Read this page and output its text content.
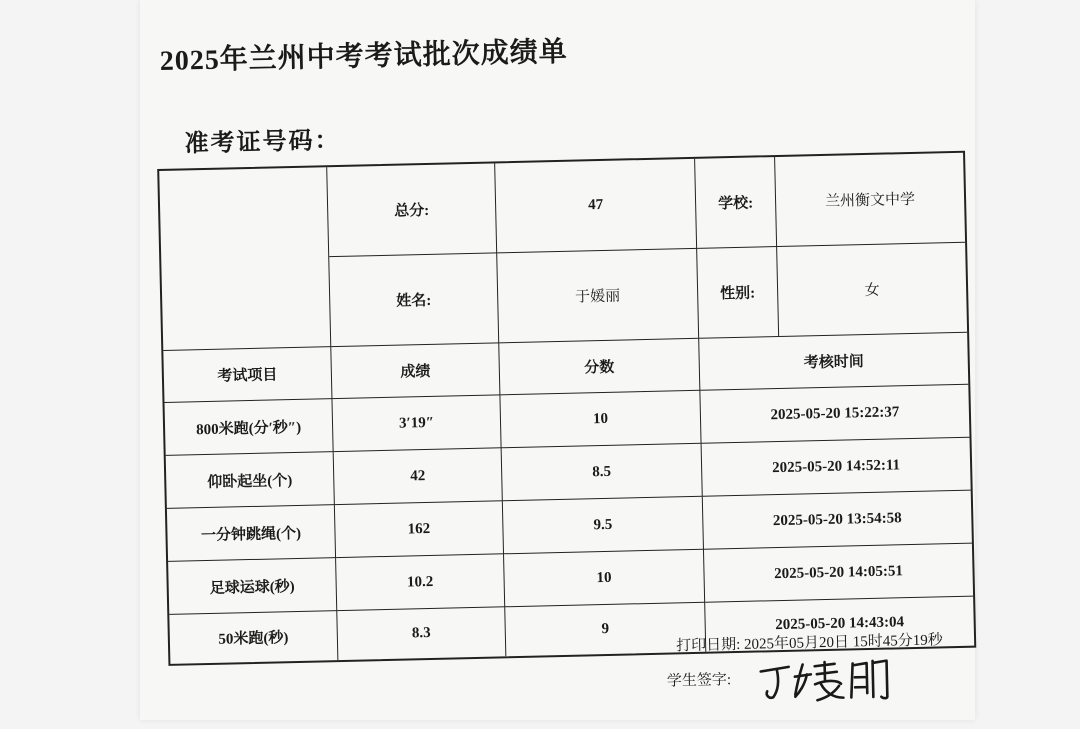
2025年兰州中考考试批次成绩单
准考证号码：
总分:	47	学校:	兰州衡文中学
姓名:	于媛丽	性别:	女
考试项目	成绩	分数	考核时间
800米跑(分′秒″)	3′19″	10	2025-05-20 15:22:37
仰卧起坐(个)	42	8.5	2025-05-20 14:52:11
一分钟跳绳(个)	162	9.5	2025-05-20 13:54:58
足球运球(秒)	10.2	10	2025-05-20 14:05:51
50米跑(秒)	8.3	9	2025-05-20 14:43:04
打印日期: 2025年05月20日 15时45分19秒
学生签字:
